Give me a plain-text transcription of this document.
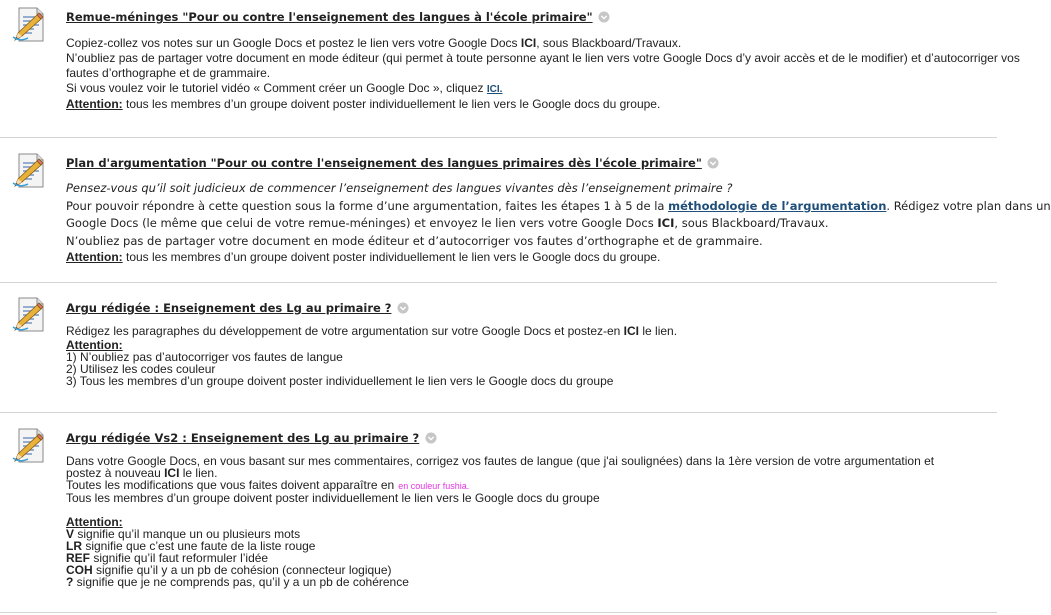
Remue-méninges "Pour ou contre l'enseignement des langues à l'école primaire"
Copiez-collez vos notes sur un Google Docs et postez le lien vers votre Google Docs ICI, sous Blackboard/Travaux.
N’oubliez pas de partager votre document en mode éditeur (qui permet à toute personne ayant le lien vers votre Google Docs d’y avoir accès et de le modifier) et d’autocorriger vos
fautes d’orthographe et de grammaire.
Si vous voulez voir le tutoriel vidéo « Comment créer un Google Doc », cliquez ICI.
Attention: tous les membres d’un groupe doivent poster individuellement le lien vers le Google docs du groupe.
Plan d'argumentation "Pour ou contre l'enseignement des langues primaires dès l'école primaire"
Pensez-vous qu’il soit judicieux de commencer l’enseignement des langues vivantes dès l’enseignement primaire ?
Pour pouvoir répondre à cette question sous la forme d’une argumentation, faites les étapes 1 à 5 de la méthodologie de l’argumentation. Rédigez votre plan dans un
Google Docs (le même que celui de votre remue-méninges) et envoyez le lien vers votre Google Docs ICI, sous Blackboard/Travaux.
N’oubliez pas de partager votre document en mode éditeur et d’autocorriger vos fautes d’orthographe et de grammaire.
Attention: tous les membres d’un groupe doivent poster individuellement le lien vers le Google docs du groupe.
Argu rédigée : Enseignement des Lg au primaire ?
Rédigez les paragraphes du développement de votre argumentation sur votre Google Docs et postez-en ICI le lien.
Attention:
1) N’oubliez pas d’autocorriger vos fautes de langue
2) Utilisez les codes couleur
3) Tous les membres d’un groupe doivent poster individuellement le lien vers le Google docs du groupe
Argu rédigée Vs2 : Enseignement des Lg au primaire ?
Dans votre Google Docs, en vous basant sur mes commentaires, corrigez vos fautes de langue (que j'ai soulignées) dans la 1ère version de votre argumentation et
postez à nouveau ICI le lien.
Toutes les modifications que vous faites doivent apparaître en en couleur fushia.
Tous les membres d’un groupe doivent poster individuellement le lien vers le Google docs du groupe
Attention:
V signifie qu’il manque un ou plusieurs mots
LR signifie que c’est une faute de la liste rouge
REF signifie qu’il faut reformuler l’idée
COH signifie qu’il y a un pb de cohésion (connecteur logique)
? signifie que je ne comprends pas, qu’il y a un pb de cohérence
